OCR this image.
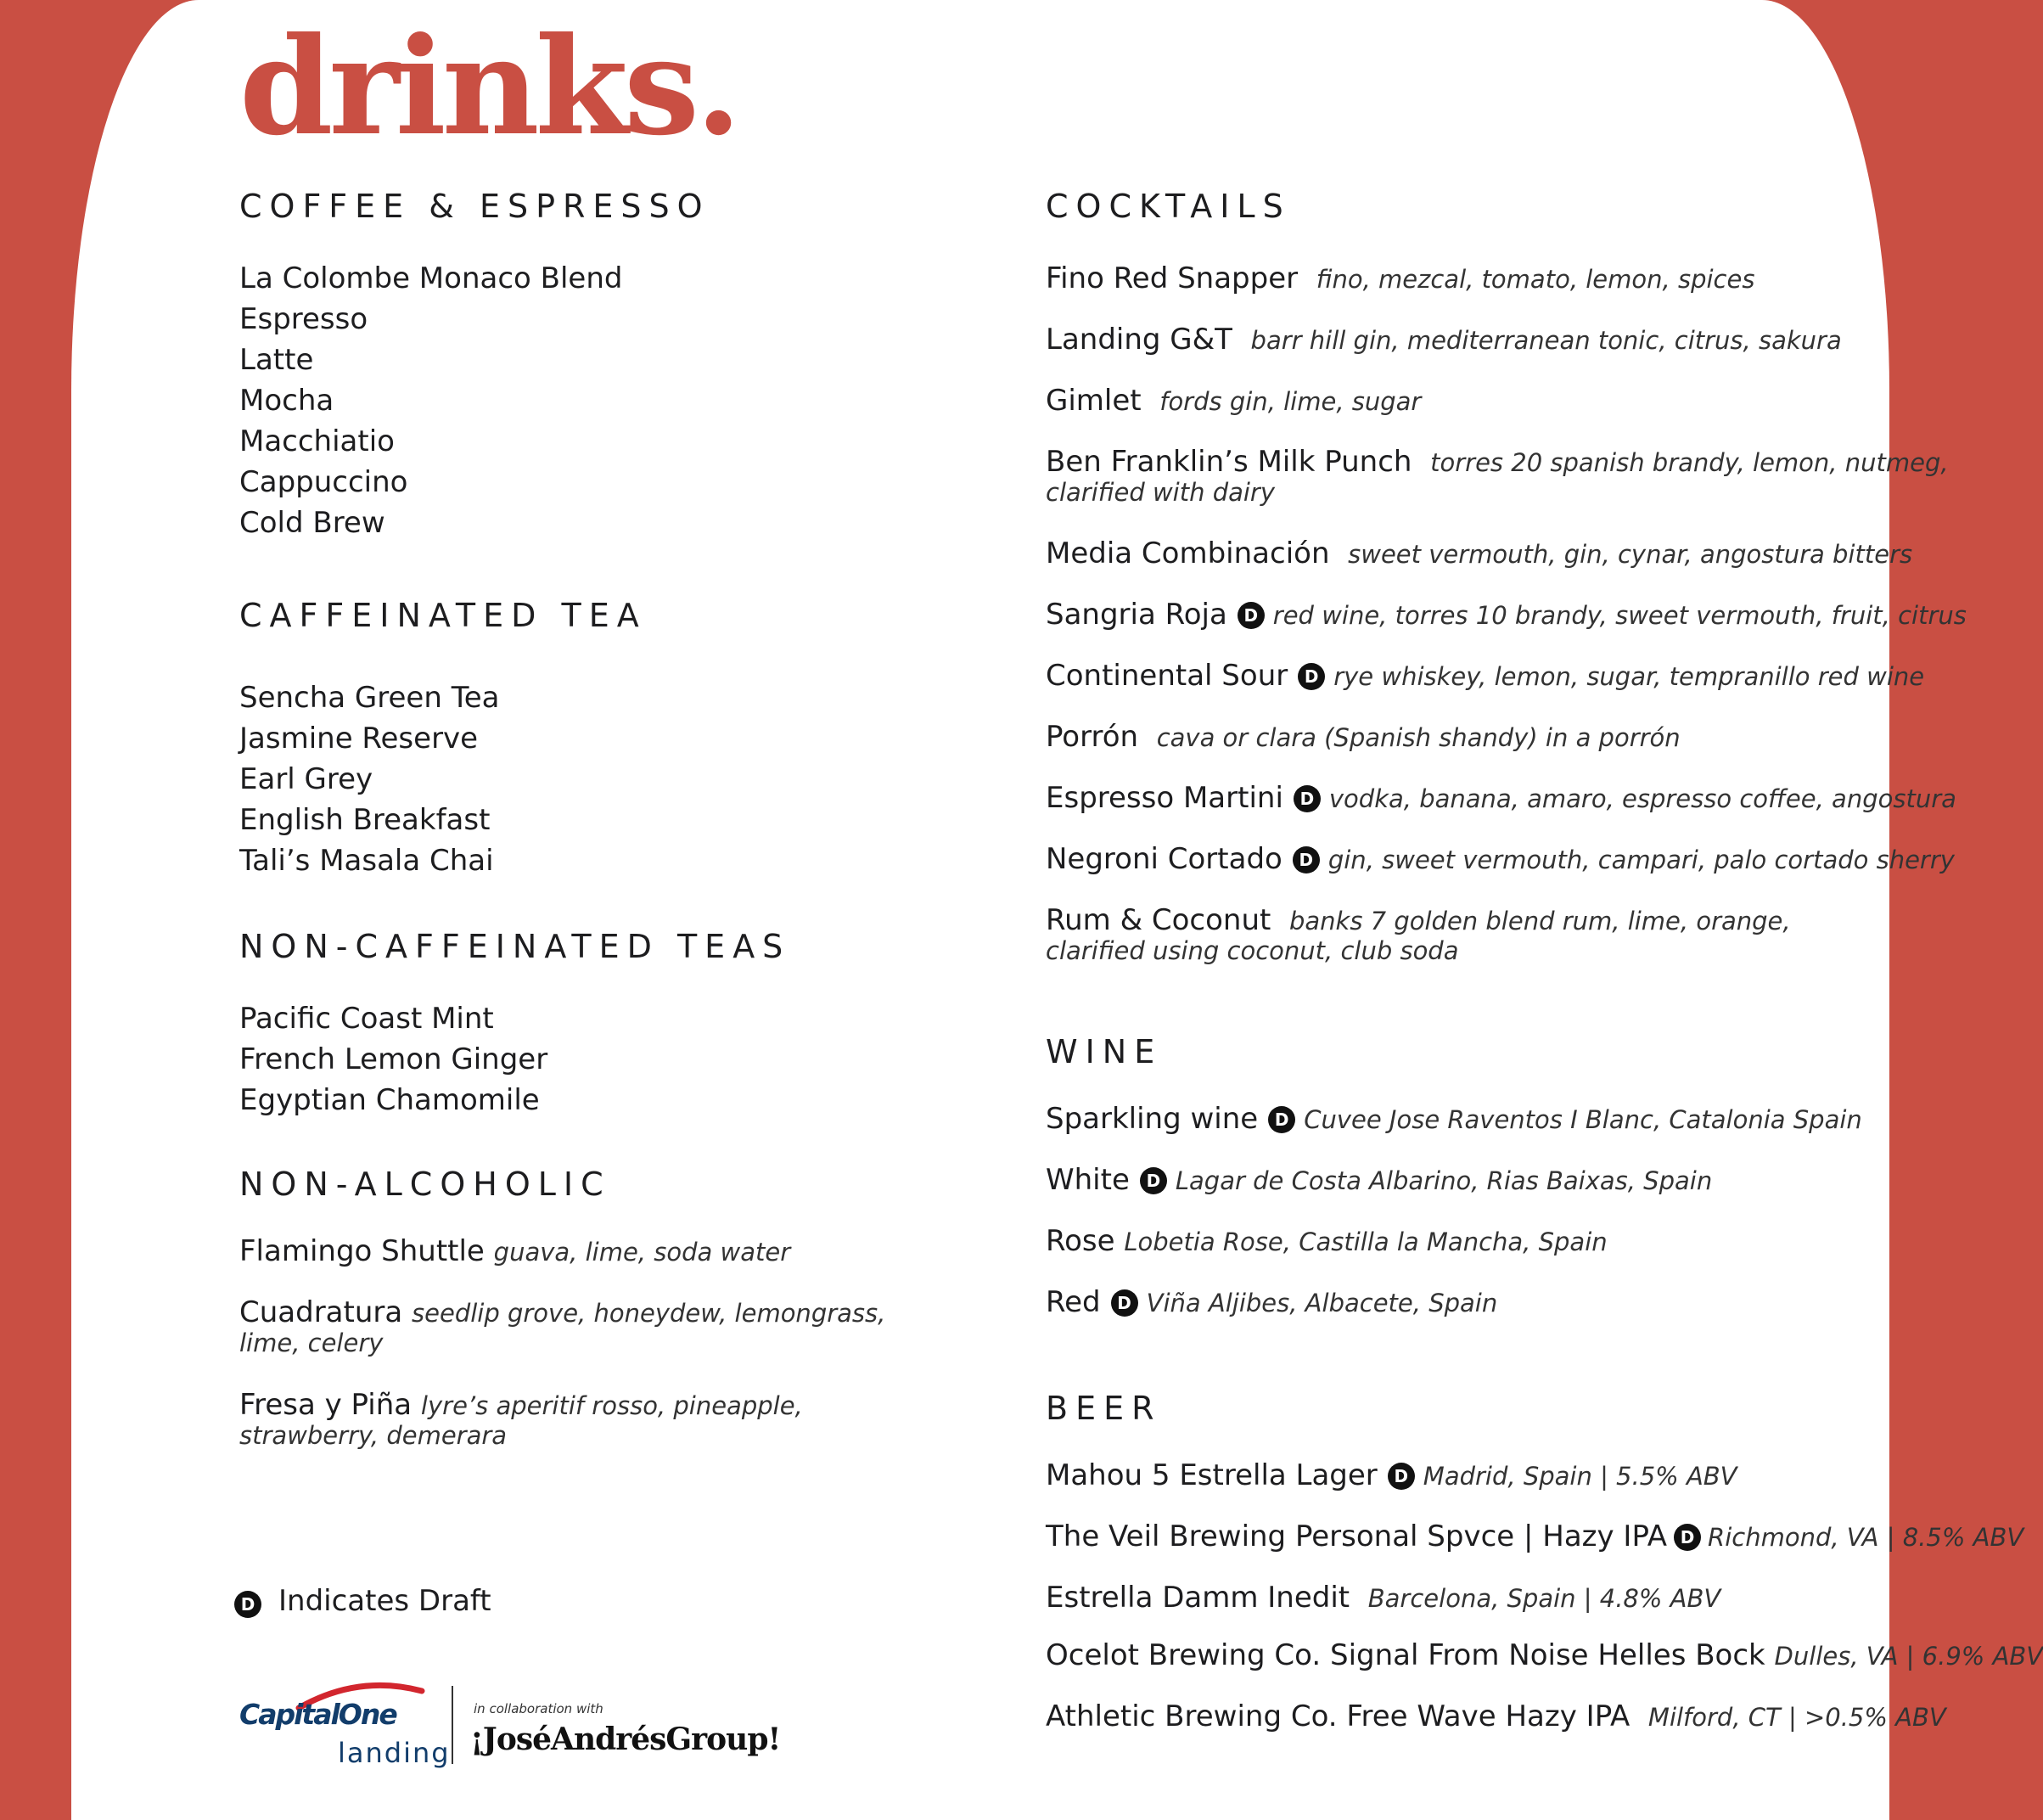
drinks.
COFFEE & ESPRESSO
La Colombe Monaco Blend
Espresso
Latte
Mocha
Macchiatio
Cappuccino
Cold Brew
CAFFEINATED TEA
Sencha Green Tea
Jasmine Reserve
Earl Grey
English Breakfast
Tali’s Masala Chai
NON-CAFFEINATED TEAS
Pacific Coast Mint
French Lemon Ginger
Egyptian Chamomile
NON-ALCOHOLIC
Flamingo Shuttle guava, lime, soda water
Cuadratura seedlip grove, honeydew, lemongrass,
lime, celery
Fresa y Piña lyre’s aperitif rosso, pineapple,
strawberry, demerara
D Indicates Draft
CapitalOne
landing
in collaboration with
¡JoséAndrésGroup!
COCKTAILS
Fino Red Snapper fino, mezcal, tomato, lemon, spices
Landing G&T barr hill gin, mediterranean tonic, citrus, sakura
Gimlet fords gin, lime, sugar
Ben Franklin’s Milk Punch torres 20 spanish brandy, lemon, nutmeg,
clarified with dairy
Media Combinación sweet vermouth, gin, cynar, angostura bitters
Sangria Roja D red wine, torres 10 brandy, sweet vermouth, fruit, citrus
Continental Sour D rye whiskey, lemon, sugar, tempranillo red wine
Porrón cava or clara (Spanish shandy) in a porrón
Espresso Martini D vodka, banana, amaro, espresso coffee, angostura
Negroni Cortado D gin, sweet vermouth, campari, palo cortado sherry
Rum & Coconut banks 7 golden blend rum, lime, orange,
clarified using coconut, club soda
WINE
Sparkling wine D Cuvee Jose Raventos I Blanc, Catalonia Spain
White D Lagar de Costa Albarino, Rias Baixas, Spain
Rose Lobetia Rose, Castilla la Mancha, Spain
Red D Viña Aljibes, Albacete, Spain
BEER
Mahou 5 Estrella Lager D Madrid, Spain | 5.5% ABV
The Veil Brewing Personal Spvce | Hazy IPA D Richmond, VA | 8.5% ABV
Estrella Damm Inedit Barcelona, Spain | 4.8% ABV
Ocelot Brewing Co. Signal From Noise Helles Bock Dulles, VA | 6.9% ABV
Athletic Brewing Co. Free Wave Hazy IPA Milford, CT | >0.5% ABV
